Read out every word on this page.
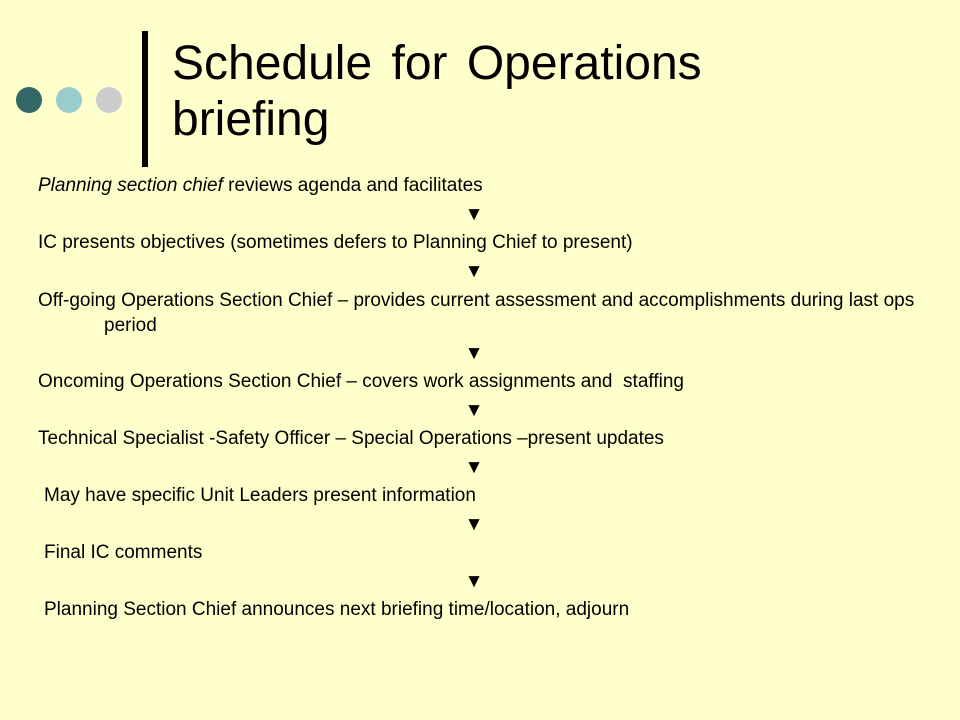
Schedule for Operations
briefing

Planning section chief reviews agenda and facilitates

▼

IC presents objectives (sometimes defers to Planning Chief to present)

▼

Off-going Operations Section Chief – provides current assessment and accomplishments during last ops period

▼

Oncoming Operations Section Chief – covers work assignments and  staffing

▼

Technical Specialist -Safety Officer – Special Operations –present updates

▼

May have specific Unit Leaders present information

▼

Final IC comments

▼

Planning Section Chief announces next briefing time/location, adjourn
